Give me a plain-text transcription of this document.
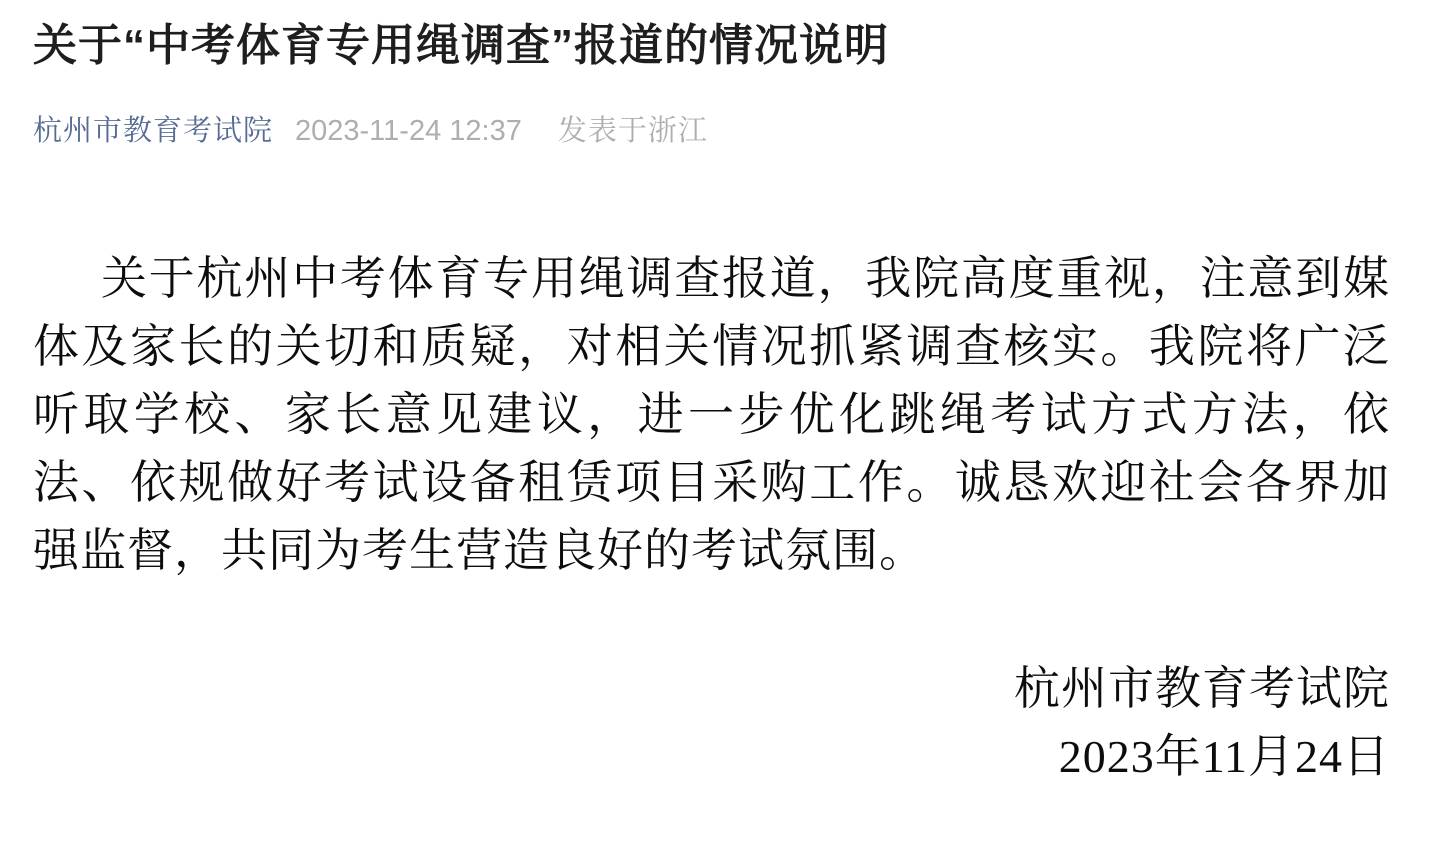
关于“中考体育专用绳调查”报道的情况说明
杭州市教育考试院 2023-11-24 12:37 发表于浙江

关于杭州中考体育专用绳调查报道，我院高度重视，注意到媒体及家长的关切和质疑，对相关情况抓紧调查核实。我院将广泛听取学校、家长意见建议，进一步优化跳绳考试方式方法，依法、依规做好考试设备租赁项目采购工作。诚恳欢迎社会各界加强监督，共同为考生营造良好的考试氛围。

杭州市教育考试院

2023年11月24日
